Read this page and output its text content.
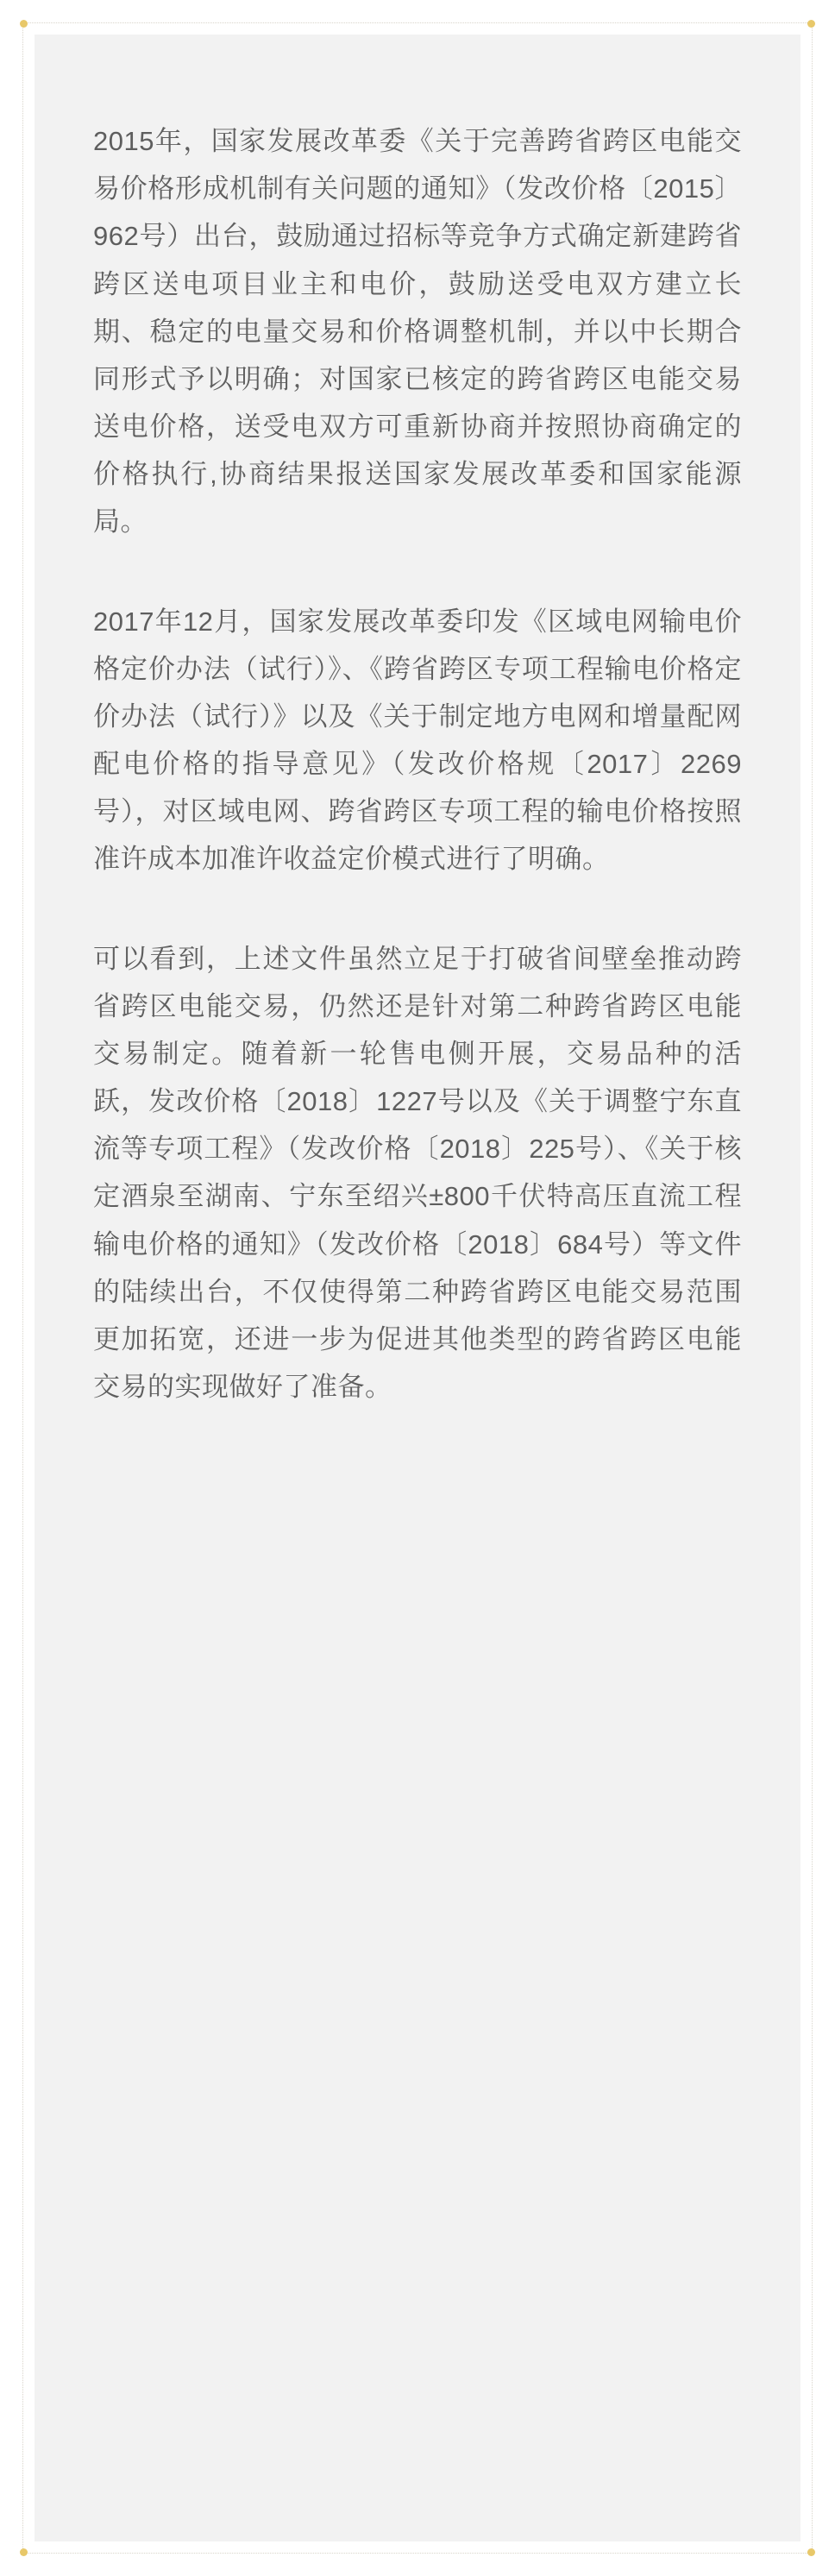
2015年，国家发展改革委《关于完善跨省跨区电能交易价格形成机制有关问题的通知》（发改价格〔2015〕962号）出台，鼓励通过招标等竞争方式确定新建跨省跨区送电项目业主和电价，鼓励送受电双方建立长期、稳定的电量交易和价格调整机制，并以中长期合同形式予以明确；对国家已核定的跨省跨区电能交易送电价格，送受电双方可重新协商并按照协商确定的价格执行,协商结果报送国家发展改革委和国家能源局。

2017年12月，国家发展改革委印发《区域电网输电价格定价办法（试行）》、《跨省跨区专项工程输电价格定价办法（试行）》以及《关于制定地方电网和增量配网配电价格的指导意见》（发改价格规〔2017〕2269号），对区域电网、跨省跨区专项工程的输电价格按照准许成本加准许收益定价模式进行了明确。

可以看到，上述文件虽然立足于打破省间壁垒推动跨省跨区电能交易，仍然还是针对第二种跨省跨区电能交易制定。随着新一轮售电侧开展，交易品种的活跃，发改价格〔2018〕1227号以及《关于调整宁东直流等专项工程》（发改价格〔2018〕225号）、《关于核定酒泉至湖南、宁东至绍兴±800千伏特高压直流工程输电价格的通知》（发改价格〔2018〕684号）等文件的陆续出台，不仅使得第二种跨省跨区电能交易范围更加拓宽，还进一步为促进其他类型的跨省跨区电能交易的实现做好了准备。
